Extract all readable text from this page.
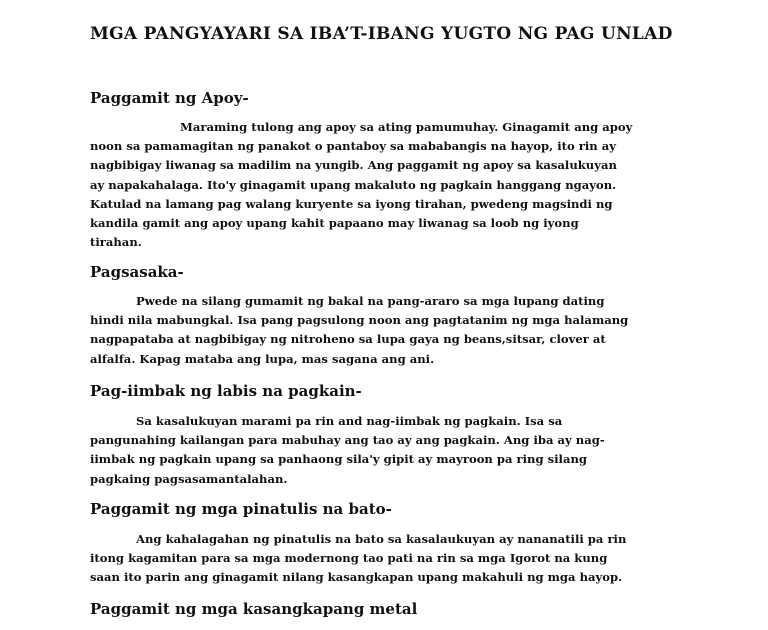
MGA PANGYAYARI SA IBA’T-IBANG YUGTO NG PAG UNLAD
Paggamit ng Apoy-
Maraming tulong ang apoy sa ating pamumuhay. Ginagamit ang apoy
noon sa pamamagitan ng panakot o pantaboy sa mababangis na hayop, ito rin ay
nagbibigay liwanag sa madilim na yungib. Ang paggamit ng apoy sa kasalukuyan
ay napakahalaga. Ito'y ginagamit upang makaluto ng pagkain hanggang ngayon.
Katulad na lamang pag walang kuryente sa iyong tirahan, pwedeng magsindi ng
kandila gamit ang apoy upang kahit papaano may liwanag sa loob ng iyong
tirahan.
Pagsasaka-
Pwede na silang gumamit ng bakal na pang-araro sa mga lupang dating
hindi nila mabungkal. Isa pang pagsulong noon ang pagtatanim ng mga halamang
nagpapataba at nagbibigay ng nitroheno sa lupa gaya ng beans,sitsar, clover at
alfalfa. Kapag mataba ang lupa, mas sagana ang ani.
Pag-iimbak ng labis na pagkain-
Sa kasalukuyan marami pa rin and nag-iimbak ng pagkain. Isa sa
pangunahing kailangan para mabuhay ang tao ay ang pagkain. Ang iba ay nag-
iimbak ng pagkain upang sa panhaong sila'y gipit ay mayroon pa ring silang
pagkaing pagsasamantalahan.
Paggamit ng mga pinatulis na bato-
Ang kahalagahan ng pinatulis na bato sa kasalaukuyan ay nananatili pa rin
itong kagamitan para sa mga modernong tao pati na rin sa mga Igorot na kung
saan ito parin ang ginagamit nilang kasangkapan upang makahuli ng mga hayop.
Paggamit ng mga kasangkapang metal
